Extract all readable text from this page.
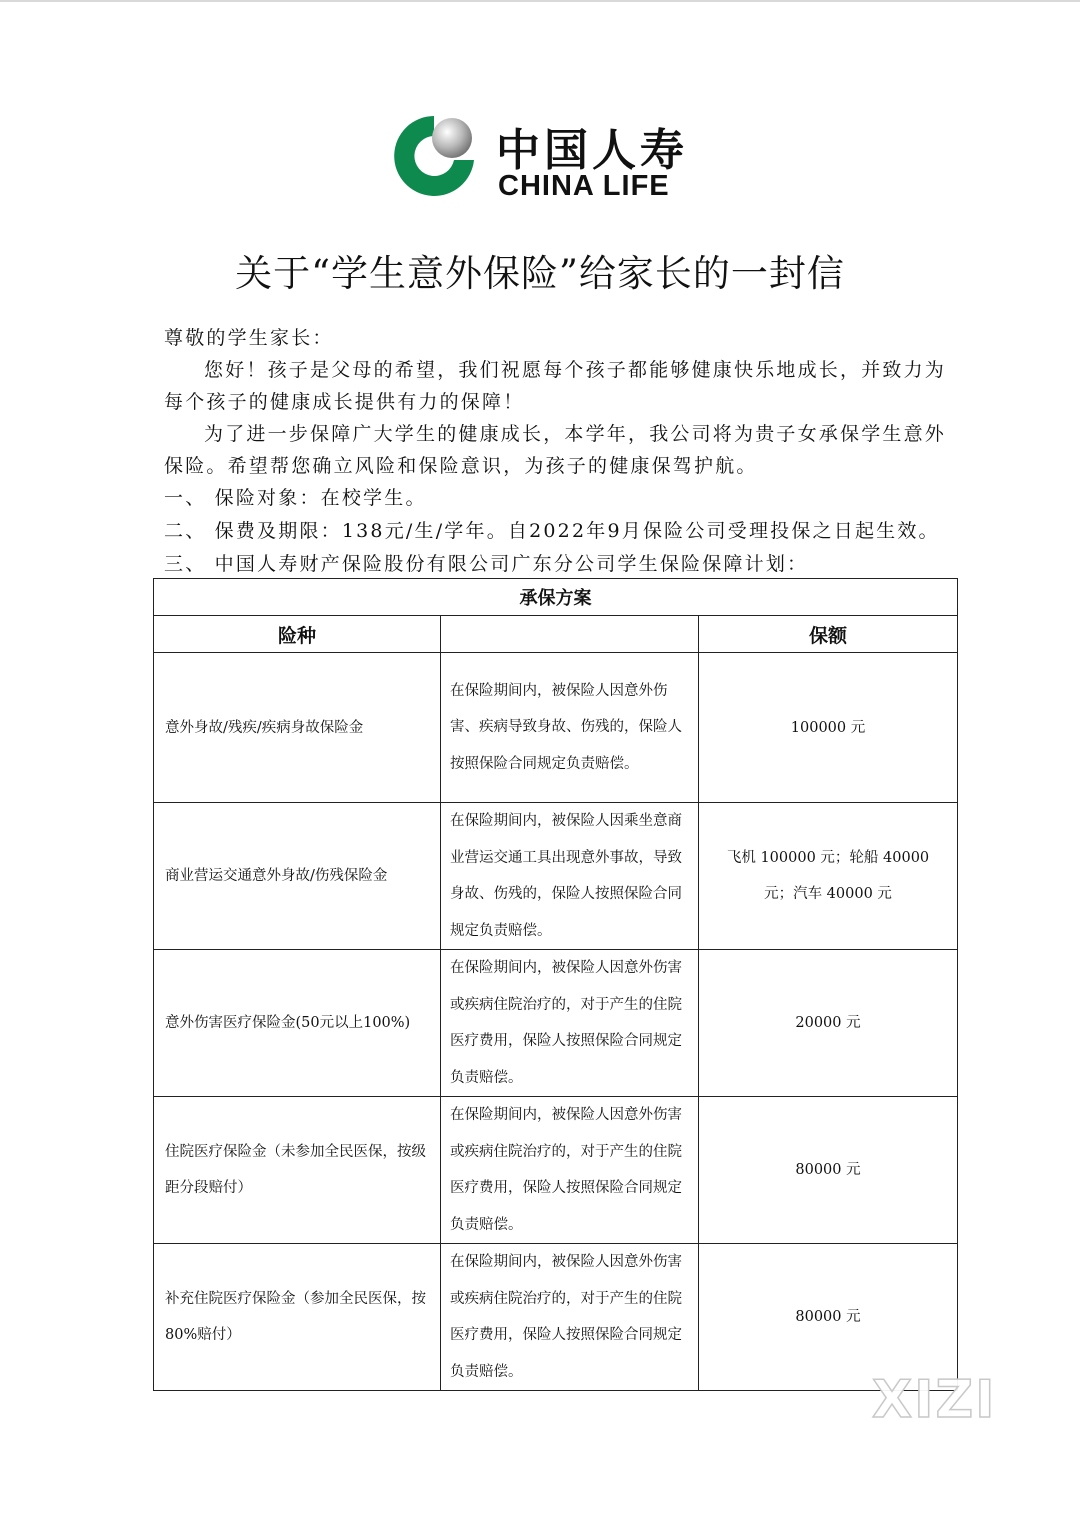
中国人寿
CHINA LIFE
关于“学生意外保险”给家长的一封信

尊敬的学生家长：

您好！孩子是父母的希望，我们祝愿每个孩子都能够健康快乐地成长，并致力为每个孩子的健康成长提供有力的保障！

为了进一步保障广大学生的健康成长，本学年，我公司将为贵子女承保学生意外保险。希望帮您确立风险和保险意识，为孩子的健康保驾护航。

一、 保险对象：在校学生。

二、 保费及期限：138元/生/学年。自2022年9月保险公司受理投保之日起生效。

三、 中国人寿财产保险股份有限公司广东分公司学生保险保障计划：

承保方案		
险种		保额
意外身故/残疾/疾病身故保险金	在保险期间内，被保险人因意外伤害、疾病导致身故、伤残的，保险人按照保险合同规定负责赔偿。	100000 元
商业营运交通意外身故/伤残保险金	在保险期间内，被保险人因乘坐意商业营运交通工具出现意外事故，导致身故、伤残的，保险人按照保险合同规定负责赔偿。	飞机 100000 元；轮船 40000 元；汽车 40000 元
意外伤害医疗保险金(50元以上100%)	在保险期间内，被保险人因意外伤害或疾病住院治疗的，对于产生的住院医疗费用，保险人按照保险合同规定负责赔偿。	20000 元
住院医疗保险金（未参加全民医保，按级距分段赔付）	在保险期间内，被保险人因意外伤害或疾病住院治疗的，对于产生的住院医疗费用，保险人按照保险合同规定负责赔偿。	80000 元
补充住院医疗保险金（参加全民医保，按 80%赔付）	在保险期间内，被保险人因意外伤害或疾病住院治疗的，对于产生的住院医疗费用，保险人按照保险合同规定负责赔偿。	80000 元
XIZI
